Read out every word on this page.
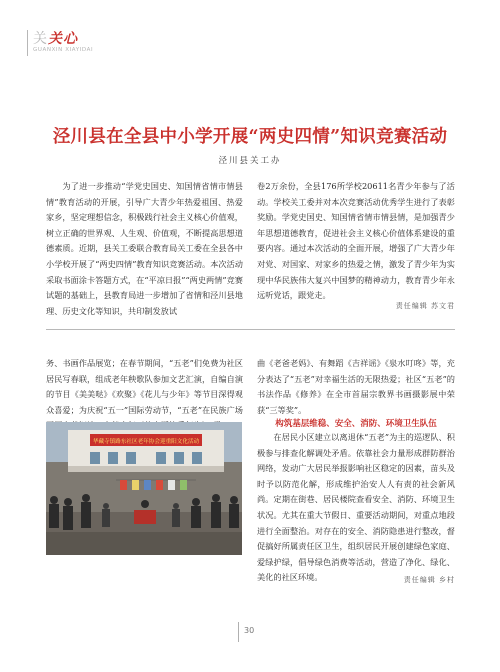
关关心
GUANXIN XIAYIDAI
泾川县在全县中小学开展“两史四情”知识竞赛活动
泾川县关工办

为了进一步推动“学党史国史、知国情省情市情县情”教育活动的开展，引导广大青少年热爱祖国、热爱家乡，坚定理想信念，积极践行社会主义核心价值观，树立正确的世界观、人生观、价值观，不断提高思想道德素质。近期，县关工委联合教育局关工委在全县各中小学校开展了“两史四情”教育知识竞赛活动。本次活动采取书面涂卡答题方式，在“平凉日报”“两史两情”竞赛试题的基础上，县教育局进一步增加了省情和泾川县地理、历史文化等知识，共印制发放试

卷2万余份，全县176所学校20611名青少年参与了活动。学校关工委并对本次竞赛活动优秀学生进行了表彰奖励。学党史国史、知国情省情市情县情，是加强青少年思想道德教育，促进社会主义核心价值体系建设的重要内容。通过本次活动的全面开展，增强了广大青少年对党、对国家、对家乡的热爱之情，激发了青少年为实现中华民族伟大复兴中国梦的精神动力，教育青少年永远听党话，跟党走。

责任编辑 苏文君

务、书画作品展览；在春节期间，“五老”们免费为社区居民写春联，组成老年秧歌队参加文艺汇演，自编自演的节目《美美哒》《欢聚》《花儿与少年》等节目深得观众喜爱；为庆祝“五一”国际劳动节，“五老”在民族广场

曲《老爸老妈》、有舞蹈《吉祥谣》《泉水叮咚》等，充分表达了“五老”对幸福生活的无限热爱；社区“五老”的书法作品《修养》在全市首届宗教界书画摄影展中荣获“三等奖”。

构筑基层维稳、安全、消防、环境卫生队伍

在居民小区建立以离退休“五老”为主的巡逻队、积极参与排查化解调处矛盾。依靠社会力量形成群防群治网络，发动广大居民举报影响社区稳定的因素，苗头及时予以防范化解，形成维护治安人人有责的社会新风尚。定期在街巷、居民楼院查看安全、消防、环境卫生状况。尤其在重大节假日、重要活动期间，对重点地段进行全面整治。对存在的安全、消防隐患进行整改，督促搞好所属责任区卫生，组织居民开展创建绿色家庭、爱绿护绿，倡导绿色消费等活动，营造了净化、绿化、美化的社区环境。	责任编辑 乡村
华藏寺镇路东社区老年协会迎重阳文化活动
30
